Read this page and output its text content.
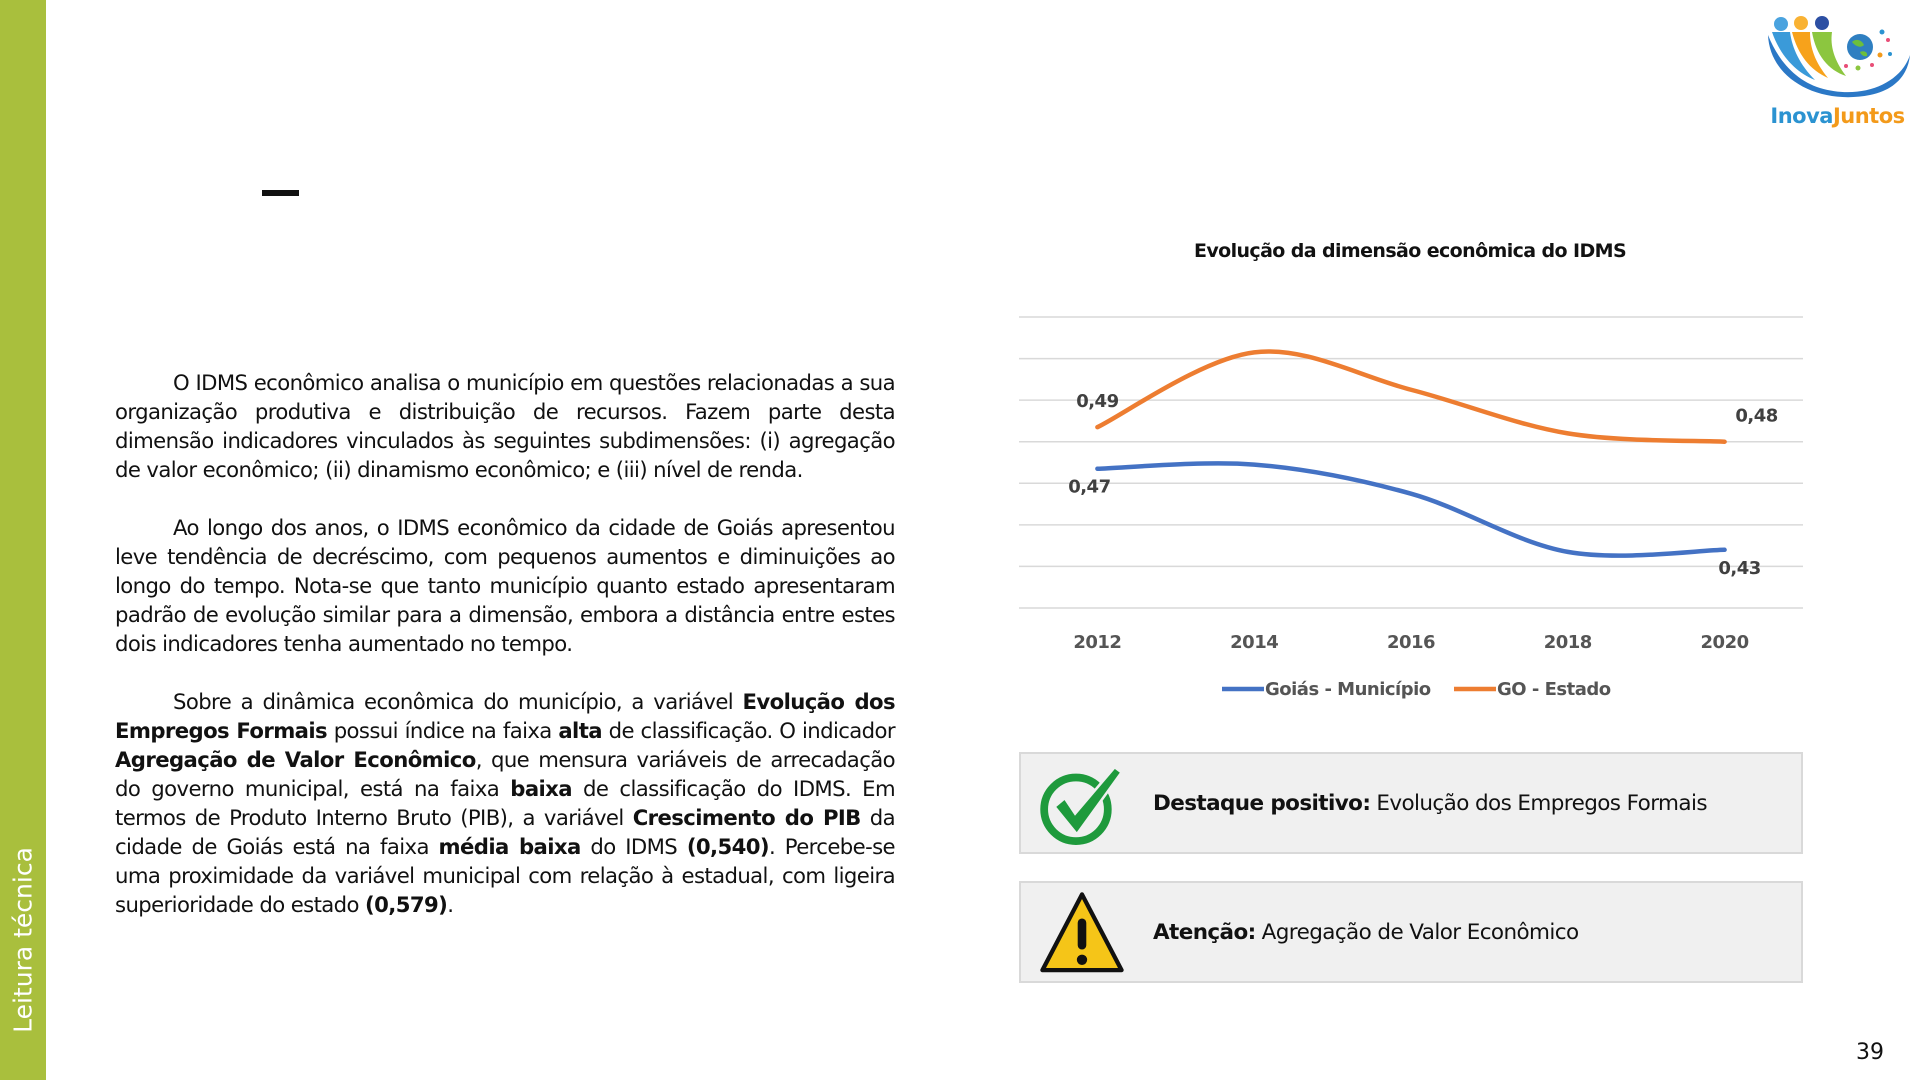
Leitura técnica
InovaJuntos

O IDMS econômico analisa o município em questões relacionadas a sua organização produtiva e distribuição de recursos. Fazem parte desta dimensão indicadores vinculados às seguintes subdimensões: (i) agregação de valor econômico; (ii) dinamismo econômico; e (iii) nível de renda.

Ao longo dos anos, o IDMS econômico da cidade de Goiás apresentou leve tendência de decréscimo, com pequenos aumentos e diminuições ao longo do tempo. Nota-se que tanto município quanto estado apresentaram padrão de evolução similar para a dimensão, embora a distância entre estes dois indicadores tenha aumentado no tempo.

Sobre a dinâmica econômica do município, a variável Evolução dos Empregos Formais possui índice na faixa alta de classificação. O indicador Agregação de Valor Econômico, que mensura variáveis de arrecadação do governo municipal, está na faixa baixa de classificação do IDMS. Em termos de Produto Interno Bruto (PIB), a variável Crescimento do PIB da cidade de Goiás está na faixa média baixa do IDMS (0,540). Percebe-se uma proximidade da variável municipal com relação à estadual, com ligeira superioridade do estado (0,579).

Evolução da dimensão econômica do IDMS
0,47
0,43
0,49
0,48
2012	2014	2016	2018	2020
Goiás - Município	GO - Estado
Destaque positivo: Evolução dos Empregos Formais
Atenção: Agregação de Valor Econômico
39
